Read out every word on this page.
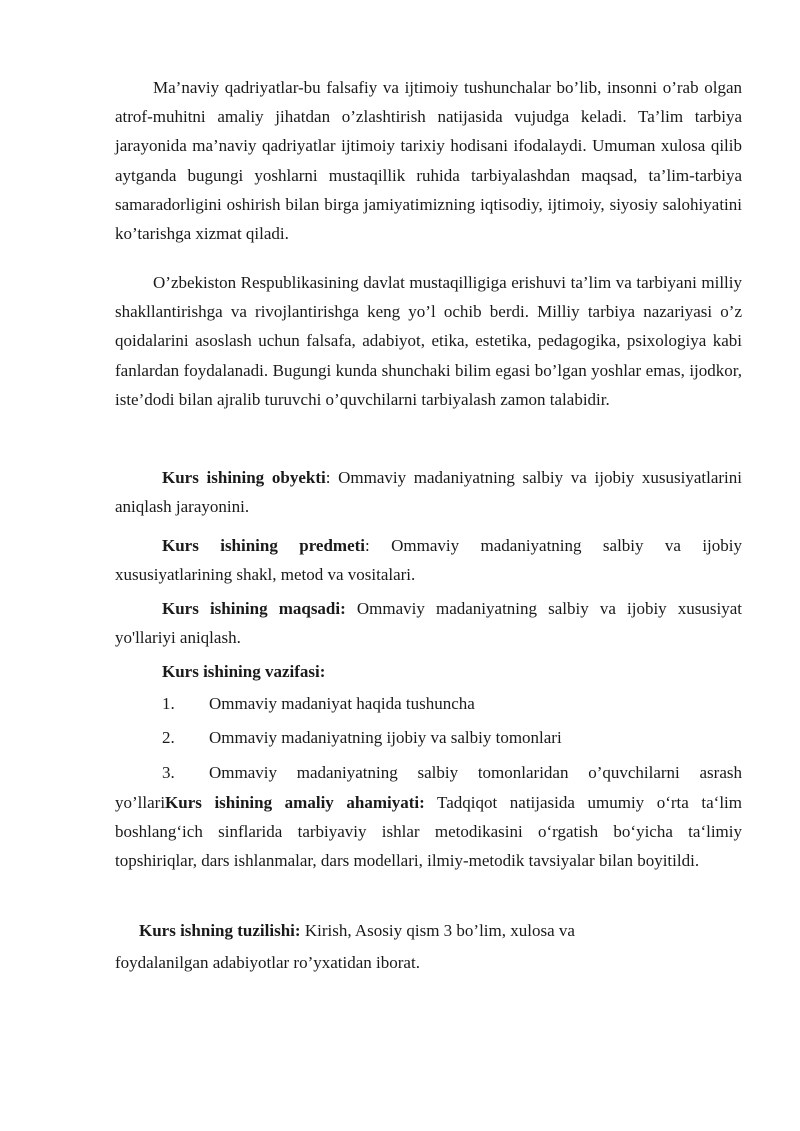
Ma’naviy qadriyatlar-bu falsafiy va ijtimoiy tushunchalar bo’lib, insonni o’rab olgan atrof-muhitni amaliy jihatdan o’zlashtirish natijasida vujudga keladi. Ta’lim tarbiya jarayonida ma’naviy qadriyatlar ijtimoiy tarixiy hodisani ifodalaydi. Umuman xulosa qilib aytganda bugungi yoshlarni mustaqillik ruhida tarbiyalashdan maqsad, ta’lim-tarbiya samaradorligini oshirish bilan birga jamiyatimizning iqtisodiy, ijtimoiy, siyosiy salohiyatini ko’tarishga xizmat qiladi.

O’zbekiston Respublikasining davlat mustaqilligiga erishuvi ta’lim va tarbiyani milliy shakllantirishga va rivojlantirishga keng yo’l ochib berdi. Milliy tarbiya nazariyasi o’z qoidalarini asoslash uchun falsafa, adabiyot, etika, estetika, pedagogika, psixologiya kabi fanlardan foydalanadi. Bugungi kunda shunchaki bilim egasi bo’lgan yoshlar emas, ijodkor, iste’dodi bilan ajralib turuvchi o’quvchilarni tarbiyalash zamon talabidir.

Kurs ishining obyekti: Ommaviy madaniyatning salbiy va ijobiy xususiyatlarini aniqlash jarayonini.

Kurs ishining predmeti: Ommaviy madaniyatning salbiy va ijobiy xususiyatlarining shakl, metod va vositalari.

Kurs ishining maqsadi: Ommaviy madaniyatning salbiy va ijobiy xususiyat yo'llariyi aniqlash.

Kurs ishining vazifasi:

1. Ommaviy madaniyat haqida tushuncha

2. Ommaviy madaniyatning ijobiy va salbiy tomonlari

3. Ommaviy madaniyatning salbiy tomonlaridan o’quvchilarni asrash

yo’llariKurs ishining amaliy ahamiyati: Tadqiqot natijasida umumiy o‘rta ta‘lim boshlang‘ich sinflarida tarbiyaviy ishlar metodikasini o‘rgatish bo‘yicha ta‘limiy topshiriqlar, dars ishlanmalar, dars modellari, ilmiy-metodik tavsiyalar bilan boyitildi.

Kurs ishning tuzilishi: Kirish, Asosiy qism 3 bo’lim, xulosa va

foydalanilgan adabiyotlar ro’yxatidan iborat.
